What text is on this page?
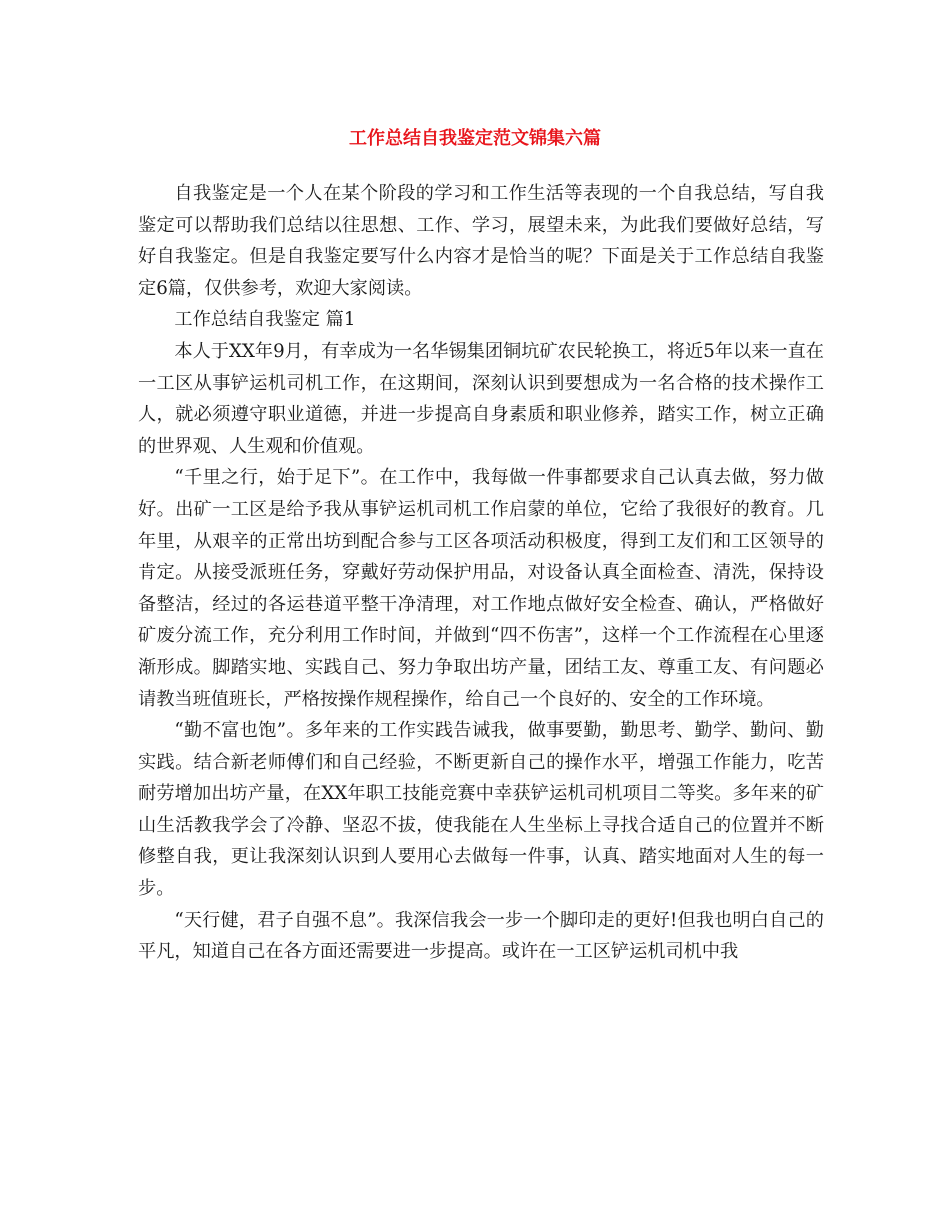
工作总结自我鉴定范文锦集六篇

自我鉴定是一个人在某个阶段的学习和工作生活等表现的一个自我总结，写自我鉴定可以帮助我们总结以往思想、工作、学习，展望未来，为此我们要做好总结，写好自我鉴定。但是自我鉴定要写什么内容才是恰当的呢？下面是关于工作总结自我鉴定6篇，仅供参考，欢迎大家阅读。

工作总结自我鉴定 篇1

本人于XX年9月，有幸成为一名华锡集团铜坑矿农民轮换工，将近5年以来一直在一工区从事铲运机司机工作，在这期间，深刻认识到要想成为一名合格的技术操作工人，就必须遵守职业道德，并进一步提高自身素质和职业修养，踏实工作，树立正确的世界观、人生观和价值观。

“千里之行，始于足下”。在工作中，我每做一件事都要求自己认真去做，努力做好。出矿一工区是给予我从事铲运机司机工作启蒙的单位，它给了我很好的教育。几年里，从艰辛的正常出坊到配合参与工区各项活动积极度，得到工友们和工区领导的肯定。从接受派班任务，穿戴好劳动保护用品，对设备认真全面检查、清洗，保持设备整洁，经过的各运巷道平整干净清理，对工作地点做好安全检查、确认，严格做好矿废分流工作，充分利用工作时间，并做到“四不伤害”，这样一个工作流程在心里逐渐形成。脚踏实地、实践自己、努力争取出坊产量，团结工友、尊重工友、有问题必请教当班值班长，严格按操作规程操作，给自己一个良好的、安全的工作环境。

“勤不富也饱”。多年来的工作实践告诫我，做事要勤，勤思考、勤学、勤问、勤实践。结合新老师傅们和自己经验，不断更新自己的操作水平，增强工作能力，吃苦耐劳增加出坊产量，在XX年职工技能竞赛中幸获铲运机司机项目二等奖。多年来的矿山生活教我学会了冷静、坚忍不拔，使我能在人生坐标上寻找合适自己的位置并不断修整自我，更让我深刻认识到人要用心去做每一件事，认真、踏实地面对人生的每一步。

“天行健，君子自强不息”。我深信我会一步一个脚印走的更好!但我也明白自己的平凡，知道自己在各方面还需要进一步提高。或许在一工区铲运机司机中我
